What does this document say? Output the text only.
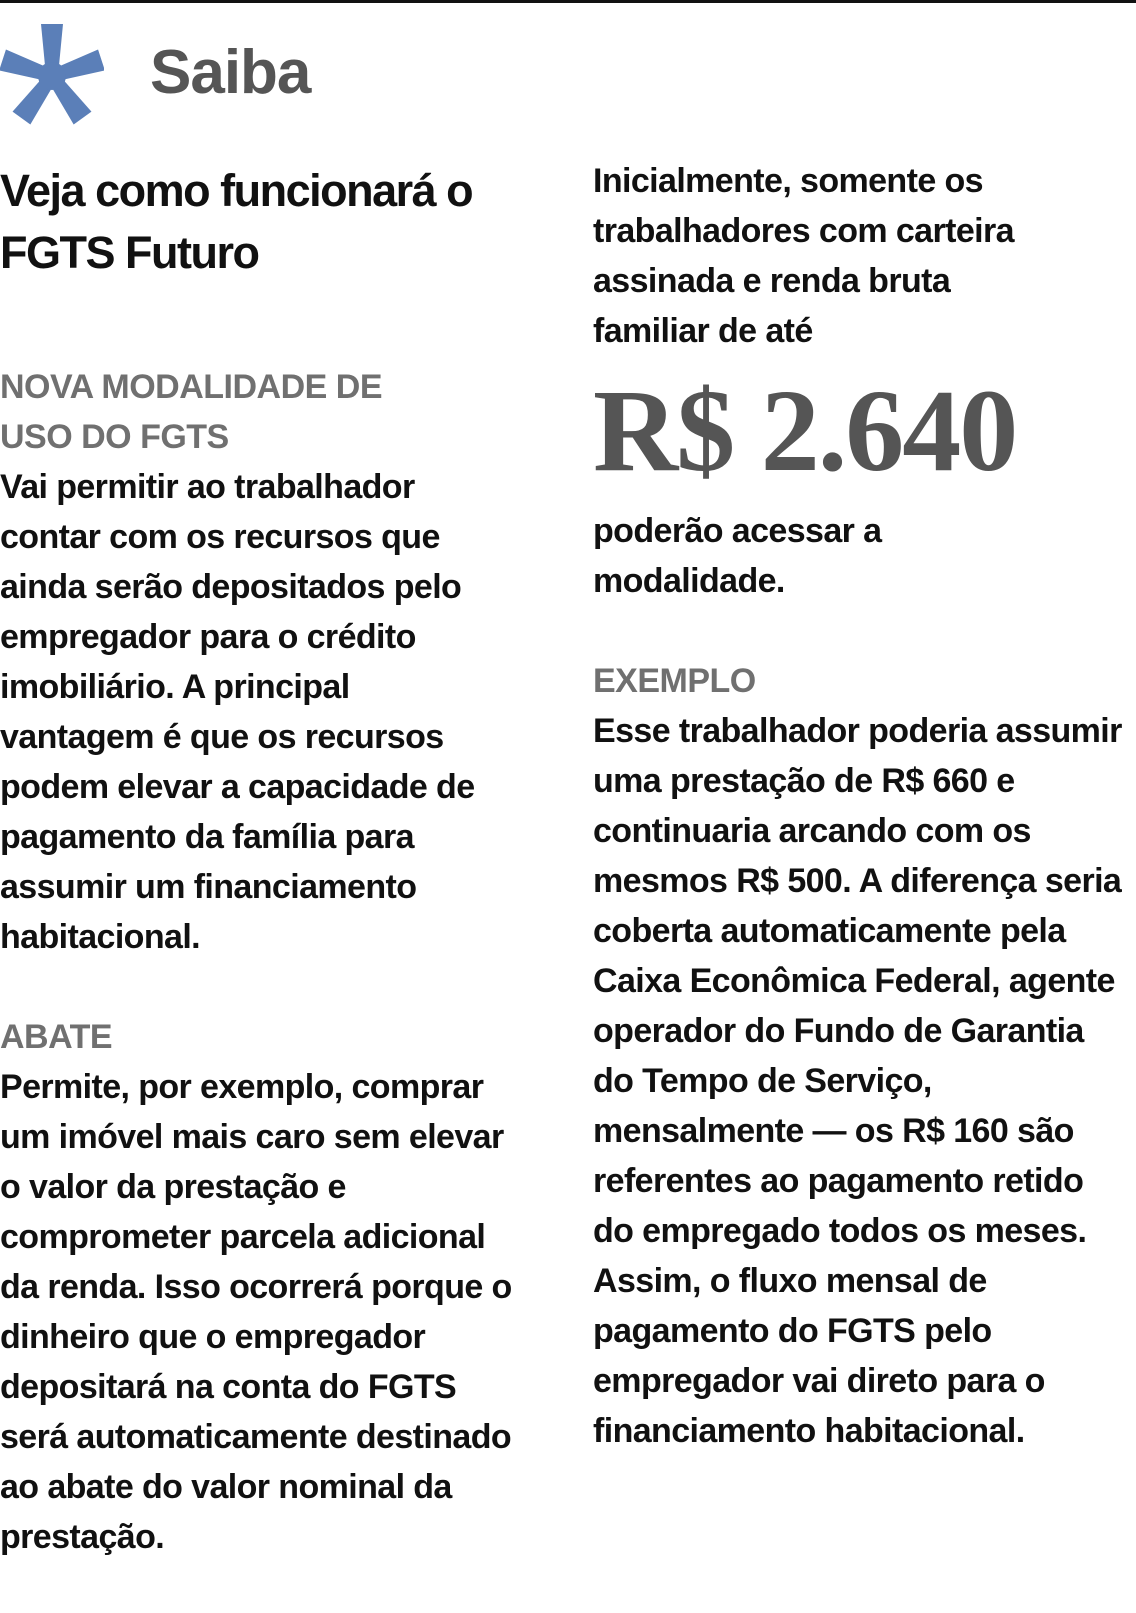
Saiba
Veja como funcionará o FGTS Futuro

NOVA MODALIDADE DE USO DO FGTS

Vai permitir ao trabalhador contar com os recursos que ainda serão depositados pelo empregador para o crédito imobiliário. A principal vantagem é que os recursos podem elevar a capacidade de pagamento da família para assumir um financiamento habitacional.

ABATE

Permite, por exemplo, comprar um imóvel mais caro sem elevar o valor da prestação e comprometer parcela adicional da renda. Isso ocorrerá porque o dinheiro que o empregador depositará na conta do FGTS será automaticamente destinado ao abate do valor nominal da prestação.

Inicialmente, somente os trabalhadores com carteira assinada e renda bruta familiar de até

R$ 2.640

poderão acessar a modalidade.

EXEMPLO

Esse trabalhador poderia assumir uma prestação de R$ 660 e continuaria arcando com os mesmos R$ 500. A diferença seria coberta automaticamente pela Caixa Econômica Federal, agente operador do Fundo de Garantia do Tempo de Serviço, mensalmente — os R$ 160 são referentes ao pagamento retido do empregado todos os meses. Assim, o fluxo mensal de pagamento do FGTS pelo empregador vai direto para o financiamento habitacional.
